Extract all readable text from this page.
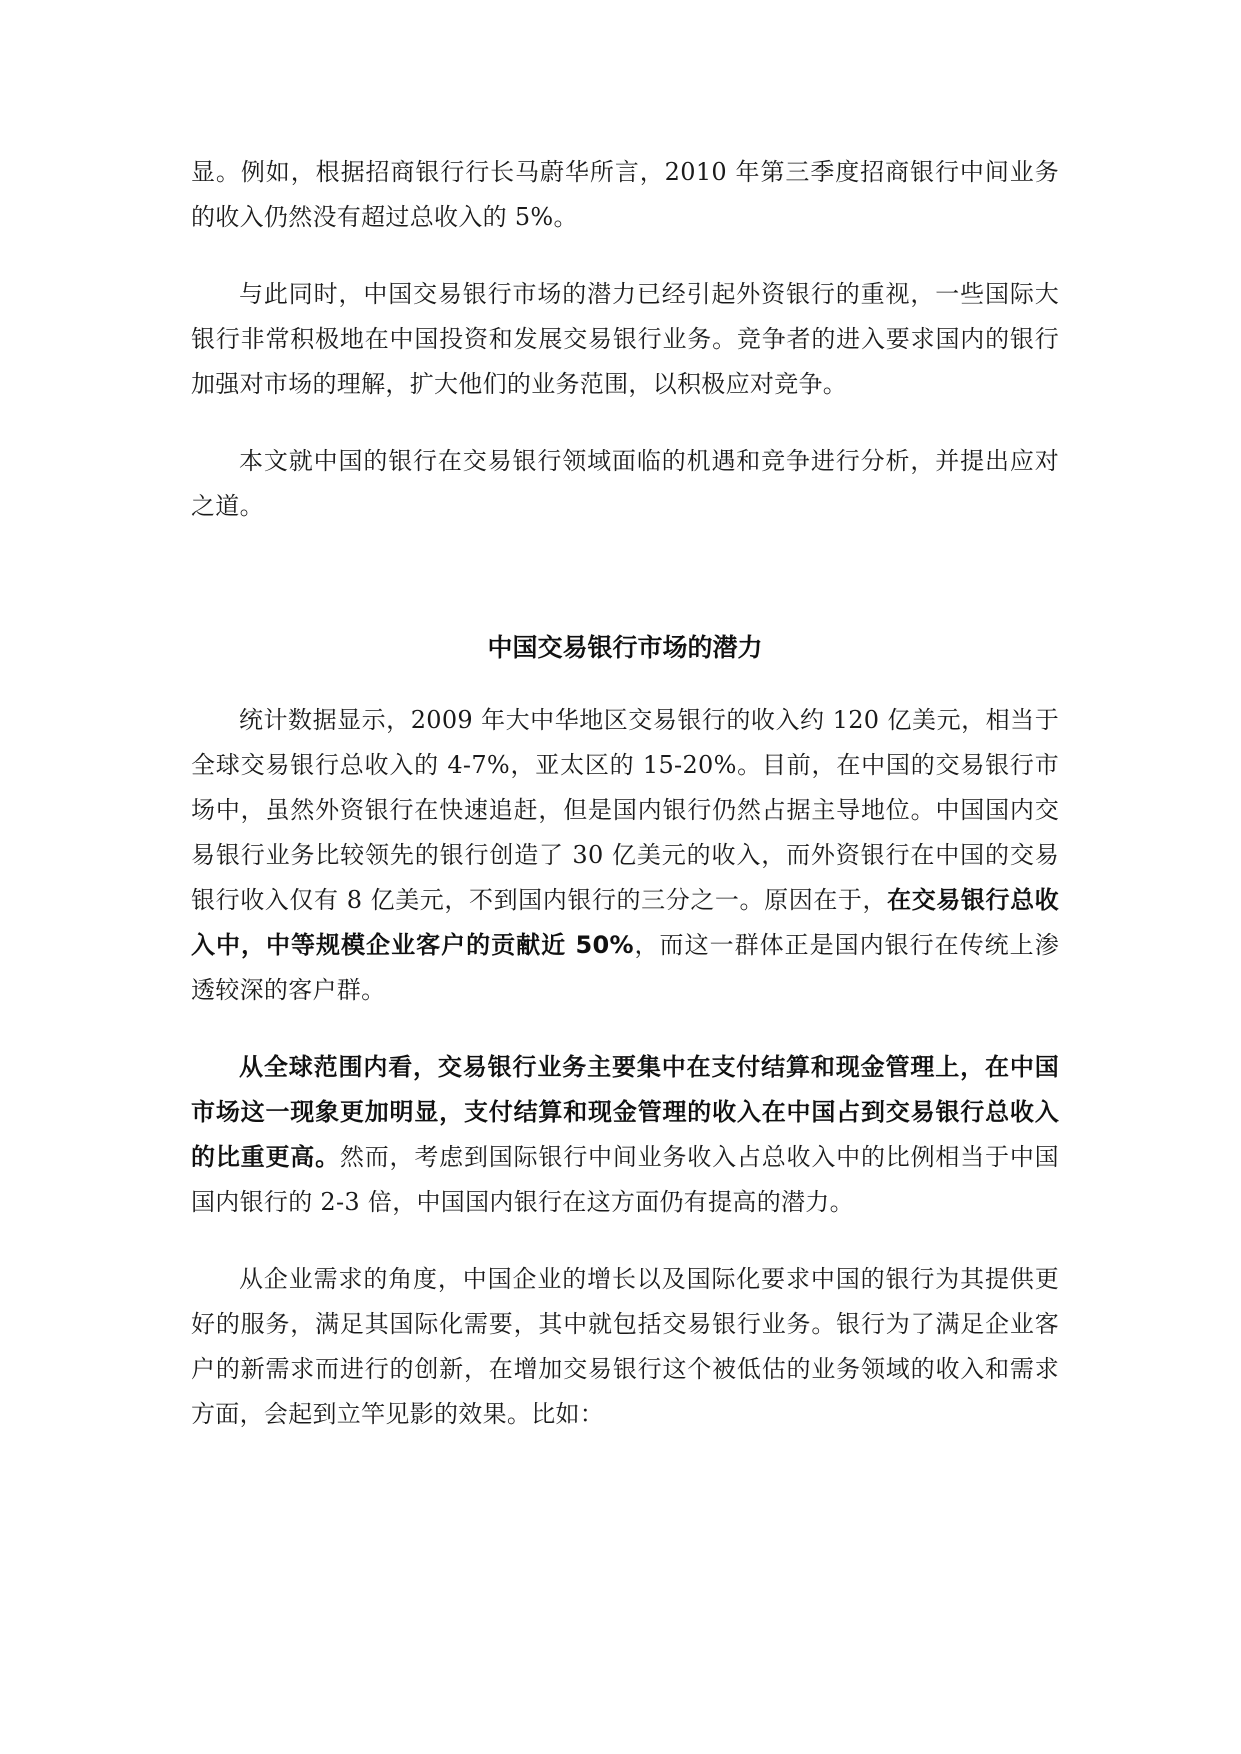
显。例如，根据招商银行行长马蔚华所言，2010 年第三季度招商银行中间业务的收入仍然没有超过总收入的 5%。

与此同时，中国交易银行市场的潜力已经引起外资银行的重视，一些国际大银行非常积极地在中国投资和发展交易银行业务。竞争者的进入要求国内的银行加强对市场的理解，扩大他们的业务范围，以积极应对竞争。

本文就中国的银行在交易银行领域面临的机遇和竞争进行分析，并提出应对之道。

中国交易银行市场的潜力

统计数据显示，2009 年大中华地区交易银行的收入约 120 亿美元，相当于全球交易银行总收入的 4-7%，亚太区的 15-20%。目前，在中国的交易银行市场中，虽然外资银行在快速追赶，但是国内银行仍然占据主导地位。中国国内交易银行业务比较领先的银行创造了 30 亿美元的收入，而外资银行在中国的交易银行收入仅有 8 亿美元，不到国内银行的三分之一。原因在于，在交易银行总收入中，中等规模企业客户的贡献近 50%，而这一群体正是国内银行在传统上渗透较深的客户群。

从全球范围内看，交易银行业务主要集中在支付结算和现金管理上，在中国市场这一现象更加明显，支付结算和现金管理的收入在中国占到交易银行总收入的比重更高。然而，考虑到国际银行中间业务收入占总收入中的比例相当于中国国内银行的 2-3 倍，中国国内银行在这方面仍有提高的潜力。

从企业需求的角度，中国企业的增长以及国际化要求中国的银行为其提供更好的服务，满足其国际化需要，其中就包括交易银行业务。银行为了满足企业客户的新需求而进行的创新，在增加交易银行这个被低估的业务领域的收入和需求方面，会起到立竿见影的效果。比如：
